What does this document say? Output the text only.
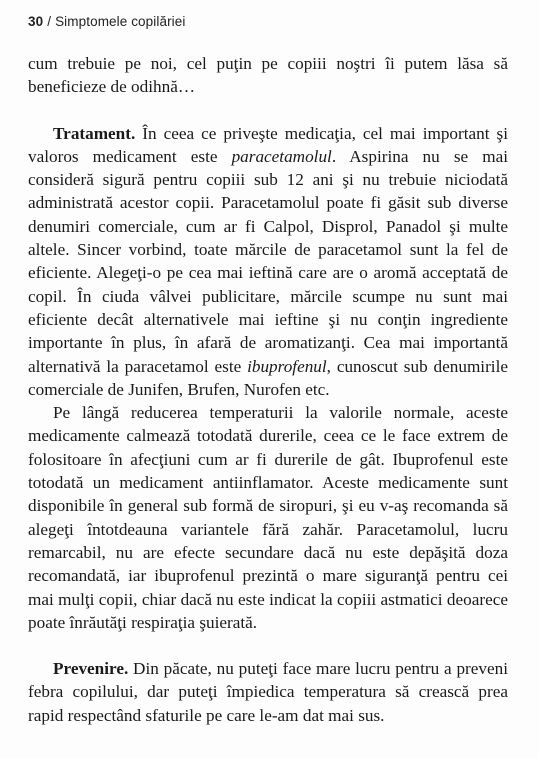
30 / Simptomele copilăriei

cum trebuie pe noi, cel puţin pe copiii noştri îi putem lăsa să beneficieze de odihnă…

Tratament. În ceea ce priveşte medicaţia, cel mai important şi valoros medicament este paracetamolul. Aspirina nu se mai consideră sigură pentru copiii sub 12 ani şi nu trebuie niciodată administrată acestor copii. Paracetamolul poate fi găsit sub diverse denumiri comerciale, cum ar fi Calpol, Disprol, Panadol şi multe altele. Sincer vorbind, toate mărcile de paracetamol sunt la fel de eficiente. Alegeţi-o pe cea mai ieftină care are o aromă acceptată de copil. În ciuda vâlvei publicitare, mărcile scumpe nu sunt mai eficiente decât alternativele mai ieftine şi nu conţin ingrediente importante în plus, în afară de aromatizanţi. Cea mai importantă alternativă la paracetamol este ibuprofenul, cunoscut sub denumirile comerciale de Junifen, Brufen, Nurofen etc.

Pe lângă reducerea temperaturii la valorile normale, aceste medicamente calmează totodată durerile, ceea ce le face extrem de folositoare în afecţiuni cum ar fi durerile de gât. Ibuprofenul este totodată un medicament antiinflamator. Aceste medicamente sunt disponibile în general sub formă de siropuri, şi eu v-aş recomanda să alegeţi întotdeauna variantele fără zahăr. Paracetamolul, lucru remarcabil, nu are efecte secundare dacă nu este depăşită doza recomandată, iar ibuprofenul prezintă o mare siguranţă pentru cei mai mulţi copii, chiar dacă nu este indicat la copiii astmatici deoarece poate înrăutăţi respiraţia şuierată.

Prevenire. Din păcate, nu puteţi face mare lucru pentru a preveni febra copilului, dar puteţi împiedica temperatura să crească prea rapid respectând sfaturile pe care le-am dat mai sus.
